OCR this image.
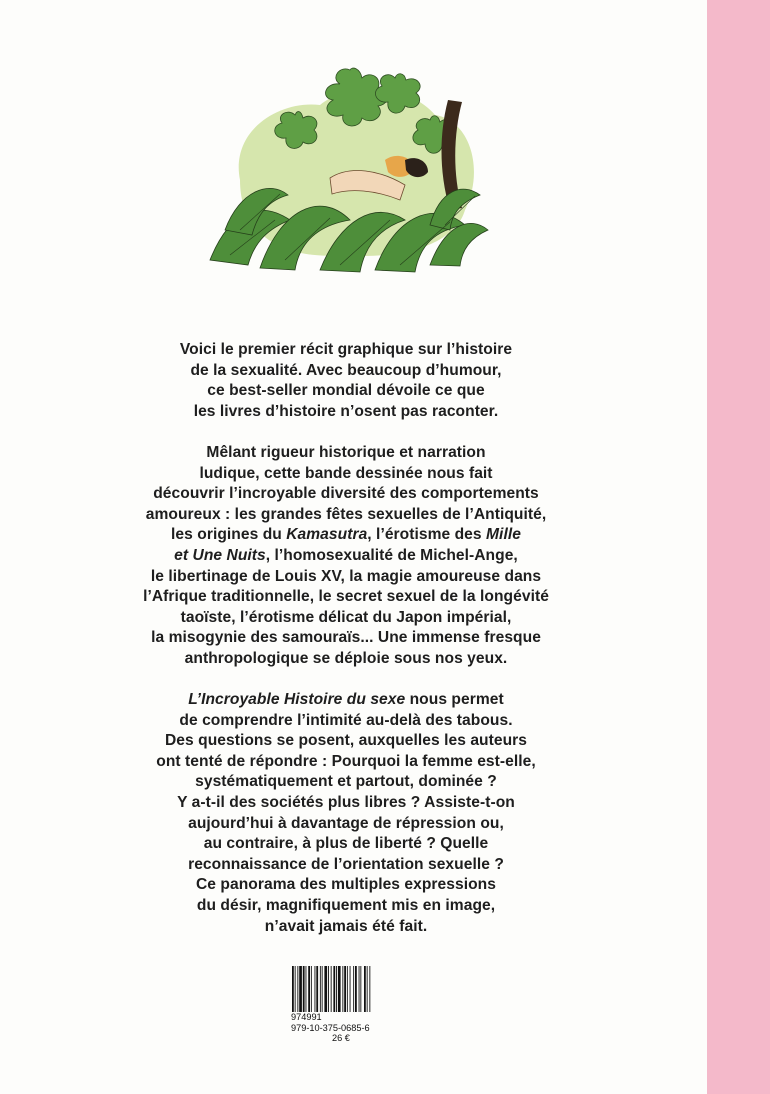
Voici le premier récit graphique sur l’histoire
de la sexualité. Avec beaucoup d’humour,
ce best-seller mondial dévoile ce que
les livres d’histoire n’osent pas raconter.

Mêlant rigueur historique et narration
ludique, cette bande dessinée nous fait
découvrir l’incroyable diversité des comportements
amoureux : les grandes fêtes sexuelles de l’Antiquité,
les origines du Kamasutra, l’érotisme des Mille
et Une Nuits, l’homosexualité de Michel-Ange,
le libertinage de Louis XV, la magie amoureuse dans
l’Afrique traditionnelle, le secret sexuel de la longévité
taoïste, l’érotisme délicat du Japon impérial,
la misogynie des samouraïs... Une immense fresque
anthropologique se déploie sous nos yeux.

L’Incroyable Histoire du sexe nous permet
de comprendre l’intimité au-delà des tabous.
Des questions se posent, auxquelles les auteurs
ont tenté de répondre : Pourquoi la femme est-elle,
systématiquement et partout, dominée ?
Y a-t-il des sociétés plus libres ? Assiste-t-on
aujourd’hui à davantage de répression ou,
au contraire, à plus de liberté ? Quelle
reconnaissance de l’orientation sexuelle ?
Ce panorama des multiples expressions
du désir, magnifiquement mis en image,
n’avait jamais été fait.

974991
979-10-375-0685-6
26 €
